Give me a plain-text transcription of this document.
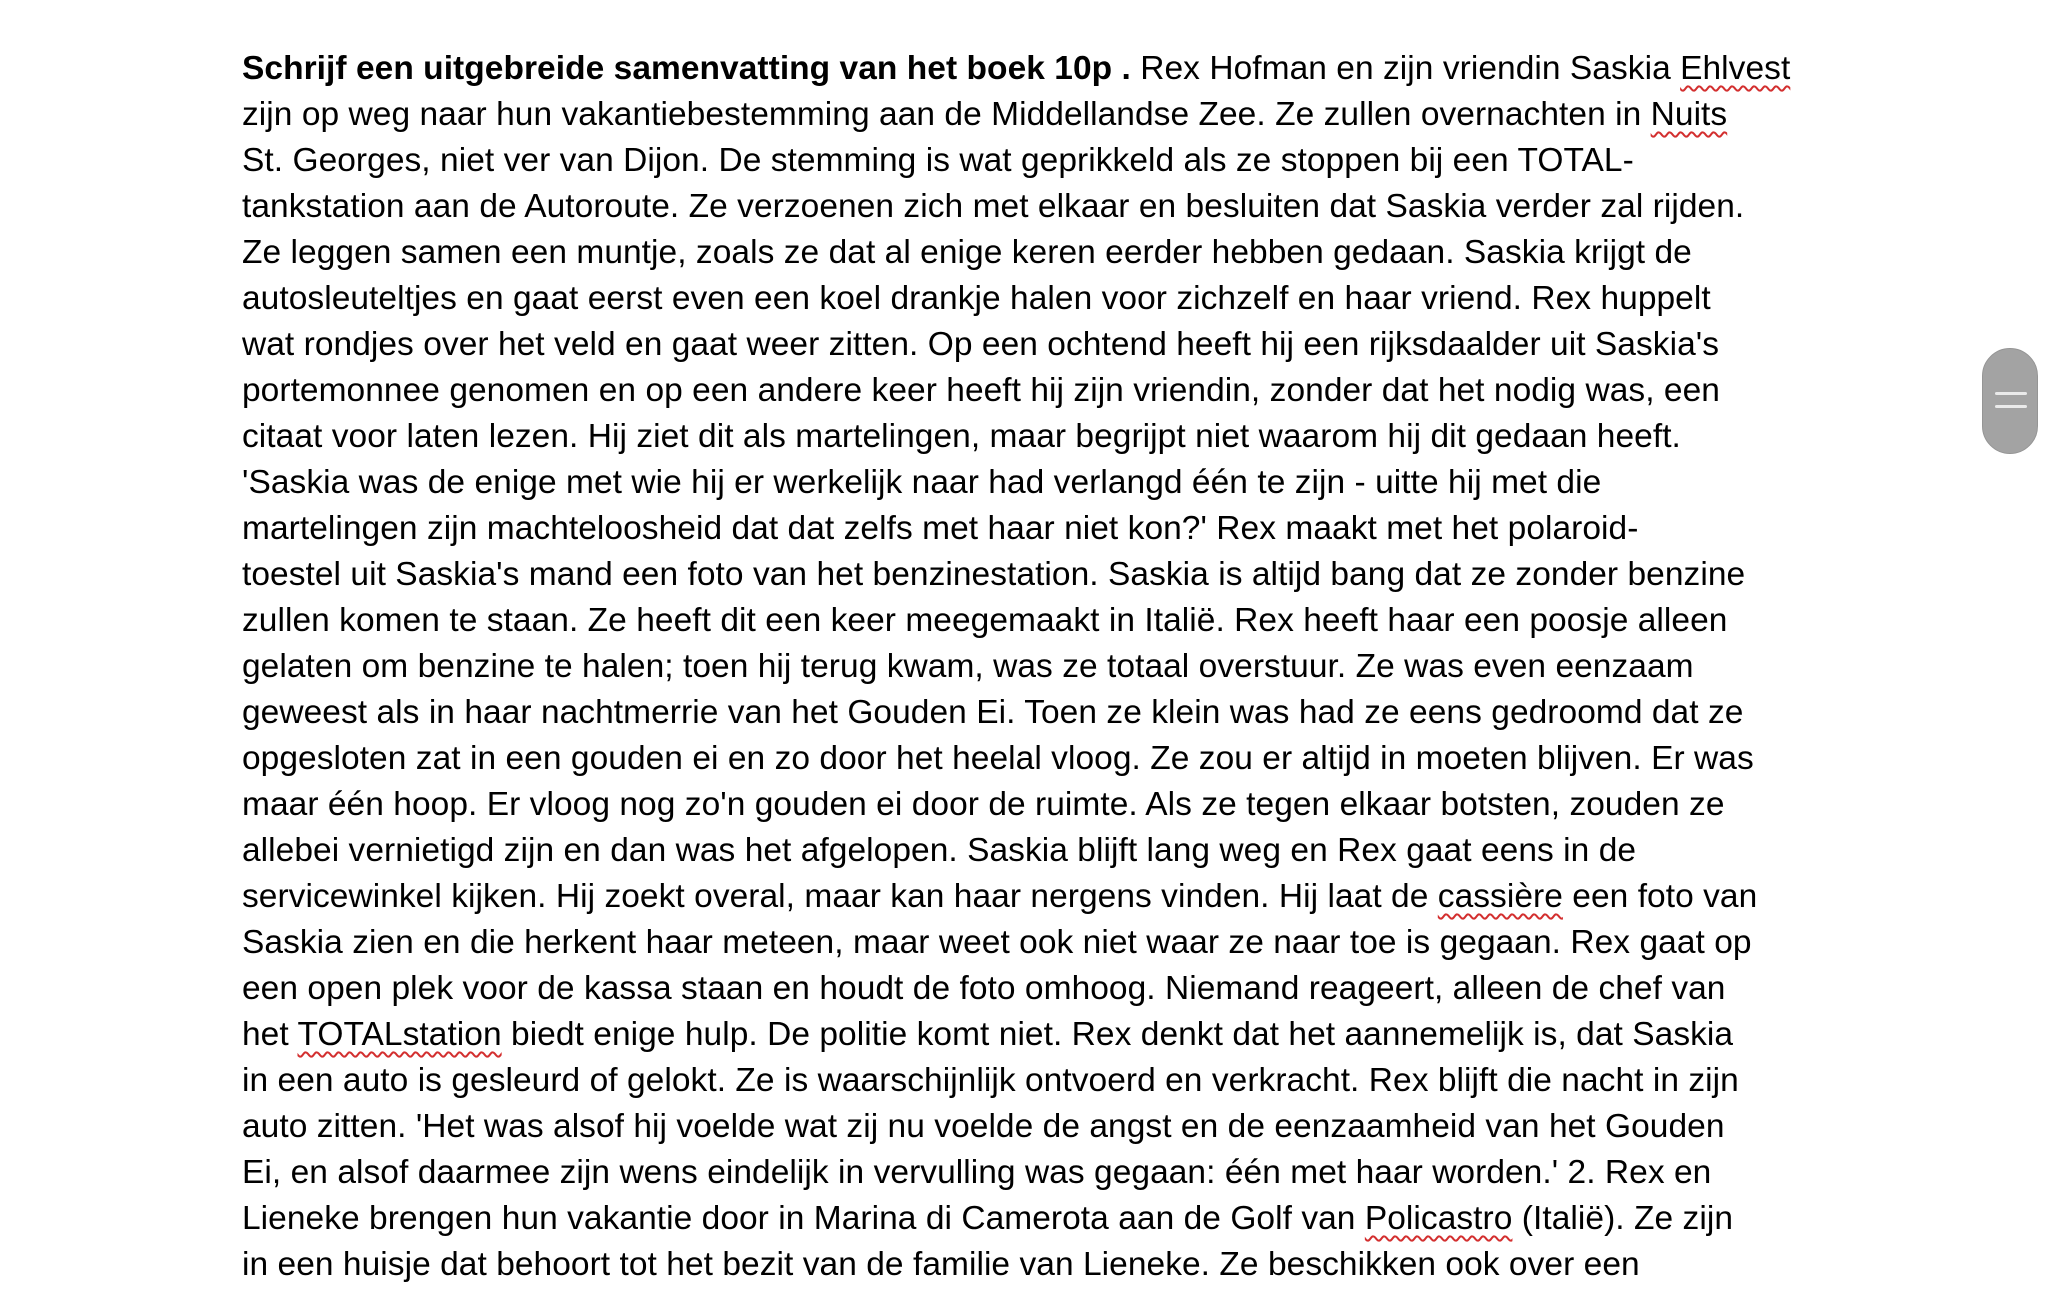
Schrijf een uitgebreide samenvatting van het boek 10p . Rex Hofman en zijn vriendin Saskia Ehlvest
zijn op weg naar hun vakantiebestemming aan de Middellandse Zee. Ze zullen overnachten in Nuits
St. Georges, niet ver van Dijon. De stemming is wat geprikkeld als ze stoppen bij een TOTAL-
tankstation aan de Autoroute. Ze verzoenen zich met elkaar en besluiten dat Saskia verder zal rijden.
Ze leggen samen een muntje, zoals ze dat al enige keren eerder hebben gedaan. Saskia krijgt de
autosleuteltjes en gaat eerst even een koel drankje halen voor zichzelf en haar vriend. Rex huppelt
wat rondjes over het veld en gaat weer zitten. Op een ochtend heeft hij een rijksdaalder uit Saskia's
portemonnee genomen en op een andere keer heeft hij zijn vriendin, zonder dat het nodig was, een
citaat voor laten lezen. Hij ziet dit als martelingen, maar begrijpt niet waarom hij dit gedaan heeft.
'Saskia was de enige met wie hij er werkelijk naar had verlangd één te zijn - uitte hij met die
martelingen zijn machteloosheid dat dat zelfs met haar niet kon?' Rex maakt met het polaroid-
toestel uit Saskia's mand een foto van het benzinestation. Saskia is altijd bang dat ze zonder benzine
zullen komen te staan. Ze heeft dit een keer meegemaakt in Italië. Rex heeft haar een poosje alleen
gelaten om benzine te halen; toen hij terug kwam, was ze totaal overstuur. Ze was even eenzaam
geweest als in haar nachtmerrie van het Gouden Ei. Toen ze klein was had ze eens gedroomd dat ze
opgesloten zat in een gouden ei en zo door het heelal vloog. Ze zou er altijd in moeten blijven. Er was
maar één hoop. Er vloog nog zo'n gouden ei door de ruimte. Als ze tegen elkaar botsten, zouden ze
allebei vernietigd zijn en dan was het afgelopen. Saskia blijft lang weg en Rex gaat eens in de
servicewinkel kijken. Hij zoekt overal, maar kan haar nergens vinden. Hij laat de cassière een foto van
Saskia zien en die herkent haar meteen, maar weet ook niet waar ze naar toe is gegaan. Rex gaat op
een open plek voor de kassa staan en houdt de foto omhoog. Niemand reageert, alleen de chef van
het TOTALstation biedt enige hulp. De politie komt niet. Rex denkt dat het aannemelijk is, dat Saskia
in een auto is gesleurd of gelokt. Ze is waarschijnlijk ontvoerd en verkracht. Rex blijft die nacht in zijn
auto zitten. 'Het was alsof hij voelde wat zij nu voelde de angst en de eenzaamheid van het Gouden
Ei, en alsof daarmee zijn wens eindelijk in vervulling was gegaan: één met haar worden.' 2. Rex en
Lieneke brengen hun vakantie door in Marina di Camerota aan de Golf van Policastro (Italië). Ze zijn
in een huisje dat behoort tot het bezit van de familie van Lieneke. Ze beschikken ook over een
